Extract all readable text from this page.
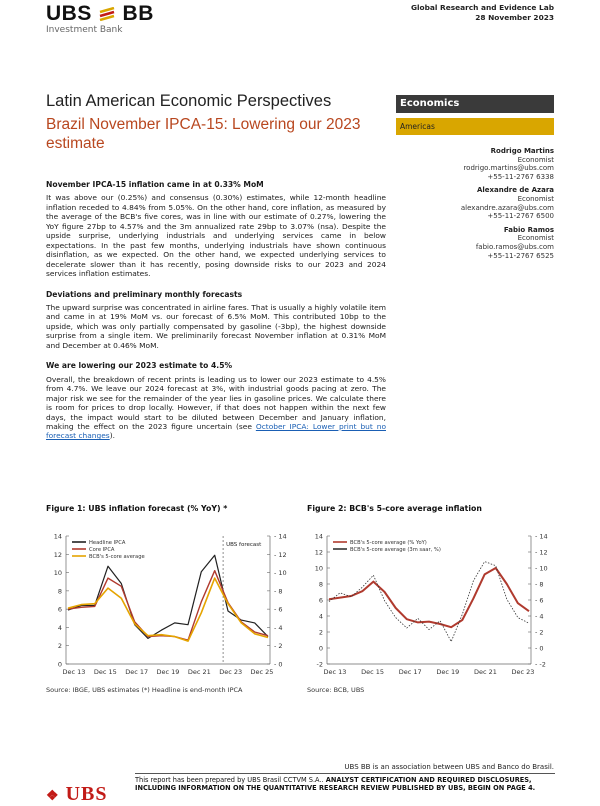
UBS BB
Investment Bank
Global Research and Evidence Lab
28 November 2023
Latin American Economic Perspectives
Brazil November IPCA-15: Lowering our 2023 estimate
Economics
Americas
Rodrigo Martins
Economist
rodrigo.martins@ubs.com
+55-11-2767 6338
Alexandre de Azara
Economist
alexandre.azara@ubs.com
+55-11-2767 6500
Fabio Ramos
Economist
fabio.ramos@ubs.com
+55-11-2767 6525
November IPCA-15 inflation came in at 0.33% MoM

It was above our (0.25%) and consensus (0.30%) estimates, while 12-month headline inflation receded to 4.84% from 5.05%. On the other hand, core inflation, as measured by the average of the BCB's five cores, was in line with our estimate of 0.27%, lowering the YoY figure 27bp to 4.57% and the 3m annualized rate 29bp to 3.07% (nsa). Despite the upside surprise, underlying industrials and underlying services came in below expectations. In the past few months, underlying industrials have shown continuous disinflation, as we expected. On the other hand, we expected underlying services to decelerate slower than it has recently, posing downside risks to our 2023 and 2024 services inflation estimates.

Deviations and preliminary monthly forecasts

The upward surprise was concentrated in airline fares. That is usually a highly volatile item and came in at 19% MoM vs. our forecast of 6.5% MoM. This contributed 10bp to the upside, which was only partially compensated by gasoline (-3bp), the highest downside surprise from a single item. We preliminarily forecast November inflation at 0.31% MoM and December at 0.46% MoM.

We are lowering our 2023 estimate to 4.5%

Overall, the breakdown of recent prints is leading us to lower our 2023 estimate to 4.5% from 4.7%. We leave our 2024 forecast at 3%, with industrial goods pacing at zero. The major risk we see for the remainder of the year lies in gasoline prices. We calculate there is room for prices to drop locally. However, if that does not happen within the next few days, the impact would start to be diluted between December and January inflation, making the effect on the 2023 figure uncertain (see October IPCA: Lower print but no forecast changes).

Figure 1: UBS inflation forecast (% YoY) *
0
2
4
6
8
10
12
14
- 0
- 2
- 4
- 6
- 8
- 10
- 12
- 14
Dec 13 Dec 15 Dec 17 Dec 19 Dec 21 Dec 23 Dec 25
UBS forecast
Headline IPCA
Core IPCA
BCB's 5-core average
Source: IBGE, UBS estimates (*) Headline is end-month IPCA
Figure 2: BCB's 5-core average inflation
-2
0
2
4
6
8
10
12
14
- -2
- 0
- 2
- 4
- 6
- 8
- 10
- 12
- 14
Dec 13 Dec 15 Dec 17 Dec 19 Dec 21 Dec 23
BCB's 5-core average (% YoY)
BCB's 5-core average (3m saar, %)
Source: BCB, UBS
UBS BB is an association between UBS and Banco do Brasil.
This report has been prepared by UBS Brasil CCTVM S.A.. ANALYST CERTIFICATION AND REQUIRED DISCLOSURES, INCLUDING INFORMATION ON THE QUANTITATIVE RESEARCH REVIEW PUBLISHED BY UBS, BEGIN ON PAGE 4.
❖ UBS
